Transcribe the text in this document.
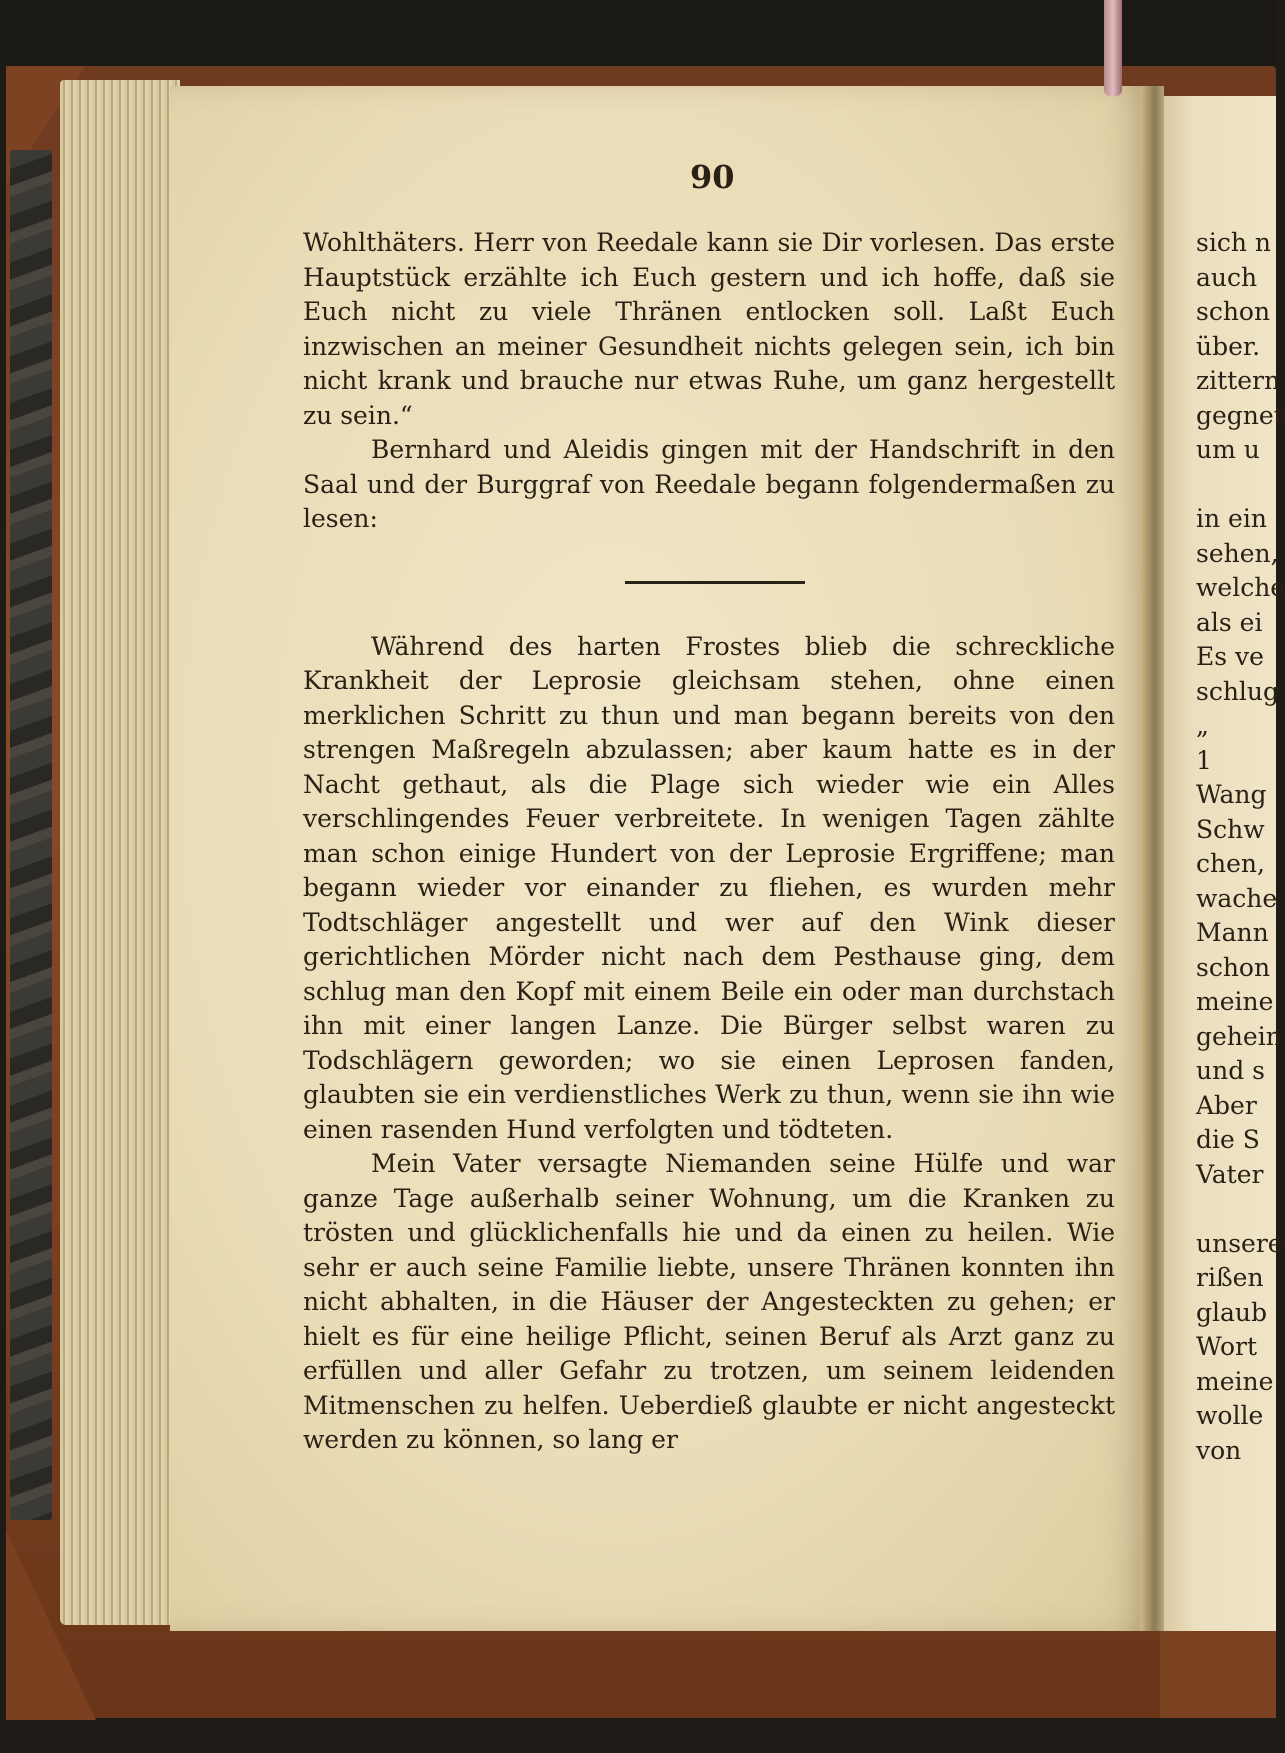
90

Wohlthäters. Herr von Reedale kann sie Dir vorlesen. Das erste Hauptstück erzählte ich Euch gestern und ich hoffe, daß sie Euch nicht zu viele Thränen entlocken soll. Laßt Euch inzwischen an meiner Gesundheit nichts gelegen sein, ich bin nicht krank und brauche nur etwas Ruhe, um ganz hergestellt zu sein.“

Bernhard und Aleidis gingen mit der Handschrift in den Saal und der Burggraf von Reedale begann folgendermaßen zu lesen:

Während des harten Frostes blieb die schreckliche Krankheit der Leprosie gleichsam stehen, ohne einen merklichen Schritt zu thun und man begann bereits von den strengen Maßregeln abzulassen; aber kaum hatte es in der Nacht gethaut, als die Plage sich wieder wie ein Alles verschlingendes Feuer verbreitete. In wenigen Tagen zählte man schon einige Hundert von der Leprosie Ergriffene; man begann wieder vor einander zu fliehen, es wurden mehr Todtschläger angestellt und wer auf den Wink dieser gerichtlichen Mörder nicht nach dem Pesthause ging, dem schlug man den Kopf mit einem Beile ein oder man durchstach ihn mit einer langen Lanze. Die Bürger selbst waren zu Todschlägern geworden; wo sie einen Leprosen fanden, glaubten sie ein verdienstliches Werk zu thun, wenn sie ihn wie einen rasenden Hund verfolgten und tödteten.

Mein Vater versagte Niemanden seine Hülfe und war ganze Tage außerhalb seiner Wohnung, um die Kranken zu trösten und glücklichenfalls hie und da einen zu heilen. Wie sehr er auch seine Familie liebte, unsere Thränen konnten ihn nicht abhalten, in die Häuser der Angesteckten zu gehen; er hielt es für eine heilige Pflicht, seinen Beruf als Arzt ganz zu erfüllen und aller Gefahr zu trotzen, um seinem leidenden Mitmenschen zu helfen. Ueberdieß glaubte er nicht angesteckt werden zu können, so lang er

sich n
auch
schon
über.
zittern
gegnet
um u
in ein
sehen,
welche
als ei
Es ve
schlug
„
1
Wang
Schw
chen,
wache
Mann
schon
meine
gehein
und s
Aber
die S
Vater
unsere
rißen
glaub
Wort
meine
wolle
von
